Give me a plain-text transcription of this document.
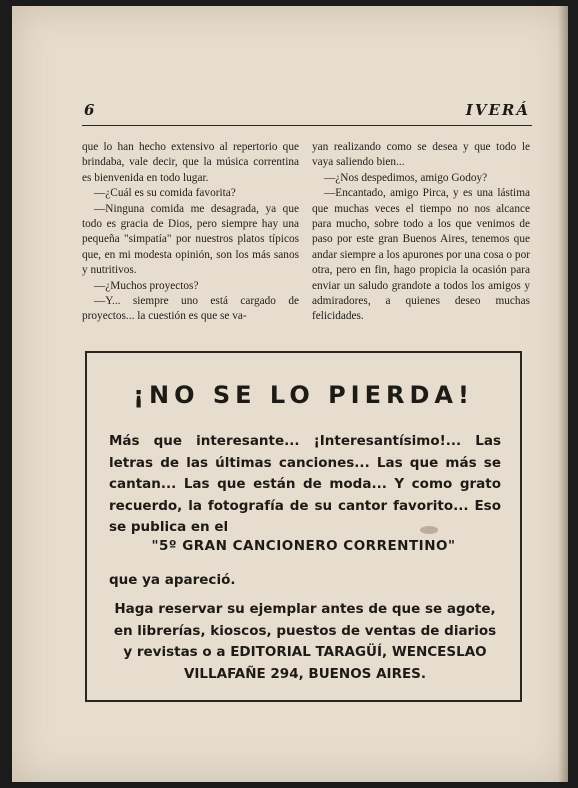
6	IVERÁ

que lo han hecho extensivo al repertorio que brindaba, vale decir, que la música correntina es bienvenida en todo lugar.

—¿Cuál es su comida favorita?

—Ninguna comida me desagrada, ya que todo es gracia de Dios, pero siempre hay una pequeña "simpatía" por nuestros platos típicos que, en mi modesta opinión, son los más sanos y nutritivos.

—¿Muchos proyectos?

—Y... siempre uno está cargado de proyectos... la cuestión es que se va-

yan realizando como se desea y que todo le vaya saliendo bien...

—¿Nos despedimos, amigo Godoy?

—Encantado, amigo Pirca, y es una lástima que muchas veces el tiempo no nos alcance para mucho, sobre todo a los que venimos de paso por este gran Buenos Aires, tenemos que andar siempre a los apurones por una cosa o por otra, pero en fin, hago propicia la ocasión para enviar un saludo grandote a todos los amigos y admiradores, a quienes deseo muchas felicidades.

¡NO SE LO PIERDA!
Más que interesante... ¡Interesantísimo!... Las letras de las últimas canciones... Las que más se cantan... Las que están de moda... Y como grato recuerdo, la fotografía de su cantor favorito... Eso se publica en el
"5º GRAN CANCIONERO CORRENTINO"
que ya apareció.
Haga reservar su ejemplar antes de que se agote, en librerías, kioscos, puestos de ventas de diarios y revistas o a EDITORIAL TARAGÜÍ, WENCESLAO VILLAFAÑE 294, BUENOS AIRES.
